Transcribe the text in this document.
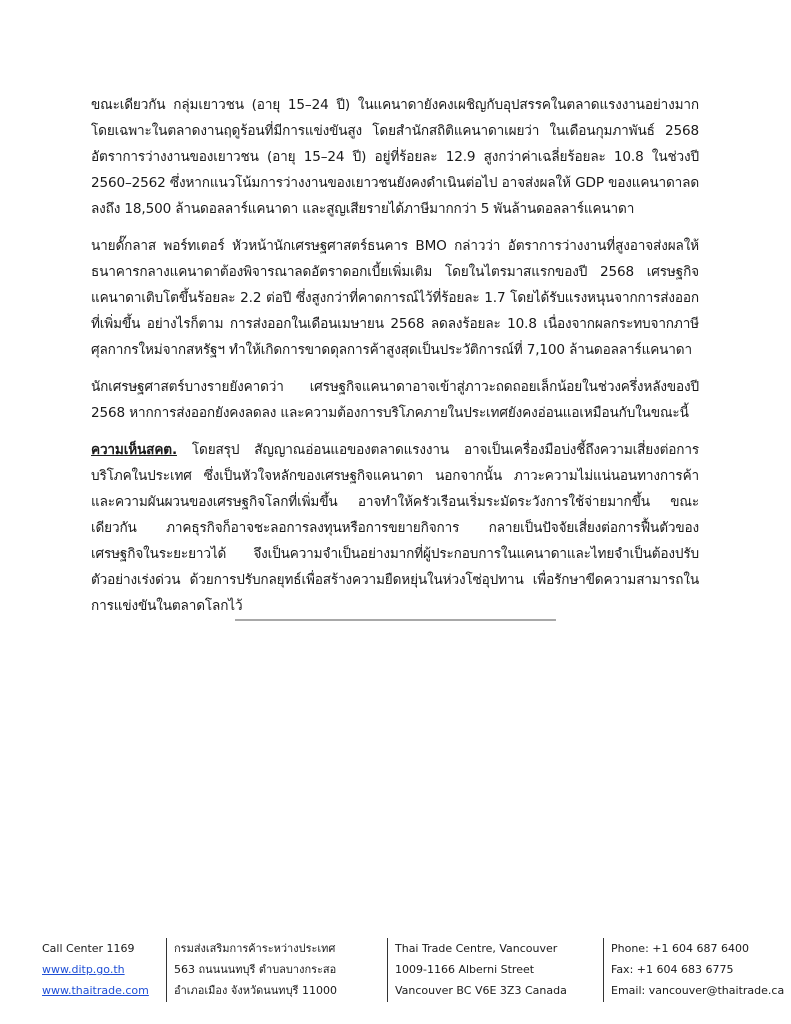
ขณะเดียวกัน กลุ่มเยาวชน (อายุ 15–24 ปี) ในแคนาดายังคงเผชิญกับอุปสรรคในตลาดแรงงานอย่างมาก โดยเฉพาะในตลาดงานฤดูร้อนที่มีการแข่งขันสูง โดยสำนักสถิติแคนาดาเผยว่า ในเดือนกุมภาพันธ์ 2568 อัตราการว่างงานของเยาวชน (อายุ 15–24 ปี) อยู่ที่ร้อยละ 12.9 สูงกว่าค่าเฉลี่ยร้อยละ 10.8 ในช่วงปี 2560–2562 ซึ่งหากแนวโน้มการว่างงานของเยาวชนยังคงดำเนินต่อไป อาจส่งผลให้ GDP ของแคนาดาลดลงถึง 18,500 ล้านดอลลาร์แคนาดา และสูญเสียรายได้ภาษีมากกว่า 5 พันล้านดอลลาร์แคนาดา

นายดั๊กลาส พอร์ทเตอร์ หัวหน้านักเศรษฐศาสตร์ธนคาร BMO กล่าวว่า อัตราการว่างงานที่สูงอาจส่งผลให้ธนาคารกลางแคนาดาต้องพิจารณาลดอัตราดอกเบี้ยเพิ่มเติม โดยในไตรมาสแรกของปี 2568 เศรษฐกิจแคนาดาเติบโตขึ้นร้อยละ 2.2 ต่อปี ซึ่งสูงกว่าที่คาดการณ์ไว้ที่ร้อยละ 1.7 โดยได้รับแรงหนุนจากการส่งออกที่เพิ่มขึ้น อย่างไรก็ตาม การส่งออกในเดือนเมษายน 2568 ลดลงร้อยละ 10.8 เนื่องจากผลกระทบจากภาษีศุลกากรใหม่จากสหรัฐฯ ทำให้เกิดการขาดดุลการค้าสูงสุดเป็นประวัติการณ์ที่ 7,100 ล้านดอลลาร์แคนาดา

นักเศรษฐศาสตร์บางรายยังคาดว่า เศรษฐกิจแคนาดาอาจเข้าสู่ภาวะถดถอยเล็กน้อยในช่วงครึ่งหลังของปี 2568 หากการส่งออกยังคงลดลง และความต้องการบริโภคภายในประเทศยังคงอ่อนแอเหมือนกับในขณะนี้

ความเห็นสคต. โดยสรุป สัญญาณอ่อนแอของตลาดแรงงาน อาจเป็นเครื่องมือบ่งชี้ถึงความเสี่ยงต่อการบริโภคในประเทศ ซึ่งเป็นหัวใจหลักของเศรษฐกิจแคนาดา นอกจากนั้น ภาวะความไม่แน่นอนทางการค้าและความผันผวนของเศรษฐกิจโลกที่เพิ่มขึ้น อาจทำให้ครัวเรือนเริ่มระมัดระวังการใช้จ่ายมากขึ้น ขณะเดียวกัน ภาคธุรกิจก็อาจชะลอการลงทุนหรือการขยายกิจการ กลายเป็นปัจจัยเสี่ยงต่อการฟื้นตัวของเศรษฐกิจในระยะยาวได้ จึงเป็นความจำเป็นอย่างมากที่ผู้ประกอบการในแคนาดาและไทยจำเป็นต้องปรับตัวอย่างเร่งด่วน ด้วยการปรับกลยุทธ์เพื่อสร้างความยืดหยุ่นในห่วงโซ่อุปทาน เพื่อรักษาขีดความสามารถในการแข่งขันในตลาดโลกไว้

Call Center 1169
www.ditp.go.th
www.thaitrade.com
กรมส่งเสริมการค้าระหว่างประเทศ
563 ถนนนนทบุรี ตำบลบางกระสอ
อำเภอเมือง จังหวัดนนทบุรี 11000
Thai Trade Centre, Vancouver
1009-1166 Alberni Street
Vancouver BC V6E 3Z3 Canada
Phone: +1 604 687 6400
Fax: +1 604 683 6775
Email: vancouver@thaitrade.ca
